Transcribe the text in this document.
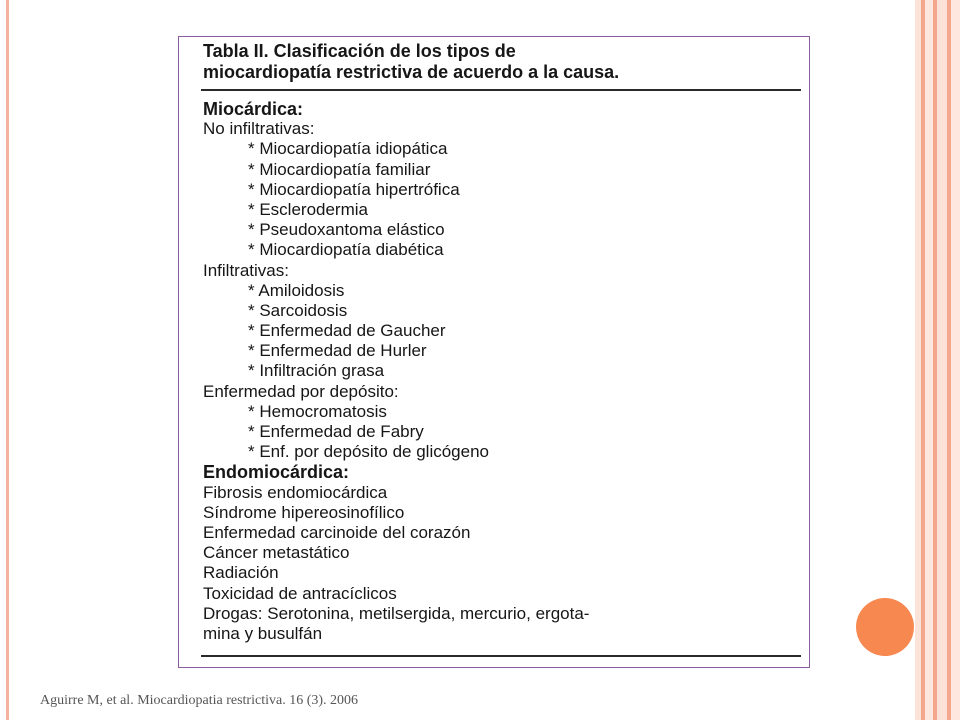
Tabla II. Clasificación de los tipos de
miocardiopatía restrictiva de acuerdo a la causa.
Miocárdica:
No infiltrativas:
* Miocardiopatía idiopática
* Miocardiopatía familiar
* Miocardiopatía hipertrófica
* Esclerodermia
* Pseudoxantoma elástico
* Miocardiopatía diabética
Infiltrativas:
* Amiloidosis
* Sarcoidosis
* Enfermedad de Gaucher
* Enfermedad de Hurler
* Infiltración grasa
Enfermedad por depósito:
* Hemocromatosis
* Enfermedad de Fabry
* Enf. por depósito de glicógeno
Endomiocárdica:
Fibrosis endomiocárdica
Síndrome hipereosinofílico
Enfermedad carcinoide del corazón
Cáncer metastático
Radiación
Toxicidad de antracíclicos
Drogas: Serotonina, metilsergida, mercurio, ergota-
mina y busulfán
Aguirre M, et al. Miocardiopatia restrictiva. 16 (3). 2006
